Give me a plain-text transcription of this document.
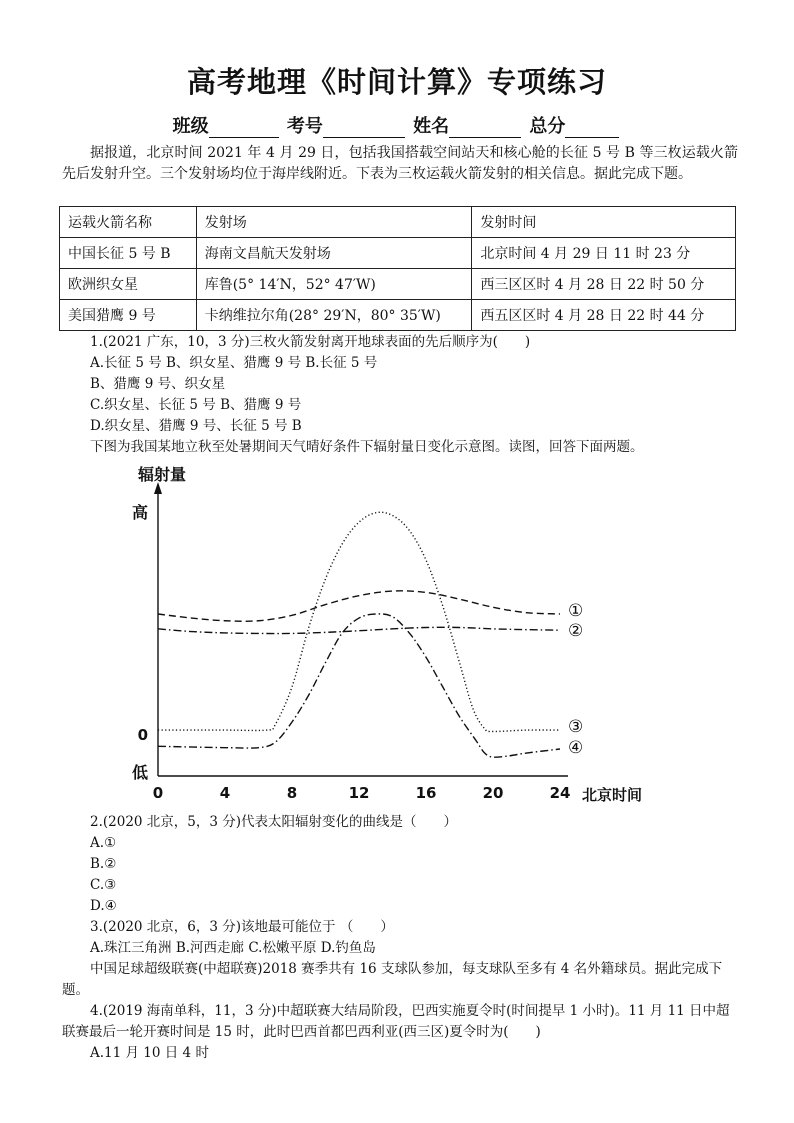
高考地理《时间计算》专项练习
班级	考号	姓名	总分
据报道，北京时间 2021 年 4 月 29 日，包括我国搭载空间站天和核心舱的长征 5 号 B 等三枚运载火箭先后发射升空。三个发射场均位于海岸线附近。下表为三枚运载火箭发射的相关信息。据此完成下题。
运载火箭名称	发射场	发射时间
中国长征 5 号 B	海南文昌航天发射场	北京时间 4 月 29 日 11 时 23 分
欧洲织女星	库鲁(5° 14′N，52° 47′W)	西三区区时 4 月 28 日 22 时 50 分
美国猎鹰 9 号	卡纳维拉尔角(28° 29′N，80° 35′W)	西五区区时 4 月 28 日 22 时 44 分
1.(2021 广东，10，3 分)三枚火箭发射离开地球表面的先后顺序为(　　)
A.长征 5 号 B、织女星、猎鹰 9 号 B.长征 5 号
B、猎鹰 9 号、织女星
C.织女星、长征 5 号 B、猎鹰 9 号
D.织女星、猎鹰 9 号、长征 5 号 B
下图为我国某地立秋至处暑期间天气晴好条件下辐射量日变化示意图。读图，回答下面两题。
辐射量
北京时间
高
0
低
0	4	8	12	16	20	24
①
②
③
④
2.(2020 北京，5，3 分)代表太阳辐射变化的曲线是（　　）
A.①
B.②
C.③
D.④
3.(2020 北京，6，3 分)该地最可能位于 （　　）
A.珠江三角洲 B.河西走廊 C.松嫩平原 D.钓鱼岛
中国足球超级联赛(中超联赛)2018 赛季共有 16 支球队参加，每支球队至多有 4 名外籍球员。据此完成下题。
4.(2019 海南单科，11，3 分)中超联赛大结局阶段，巴西实施夏令时(时间提早 1 小时)。11 月 11 日中超联赛最后一轮开赛时间是 15 时，此时巴西首都巴西利亚(西三区)夏令时为(　　)
A.11 月 10 日 4 时
